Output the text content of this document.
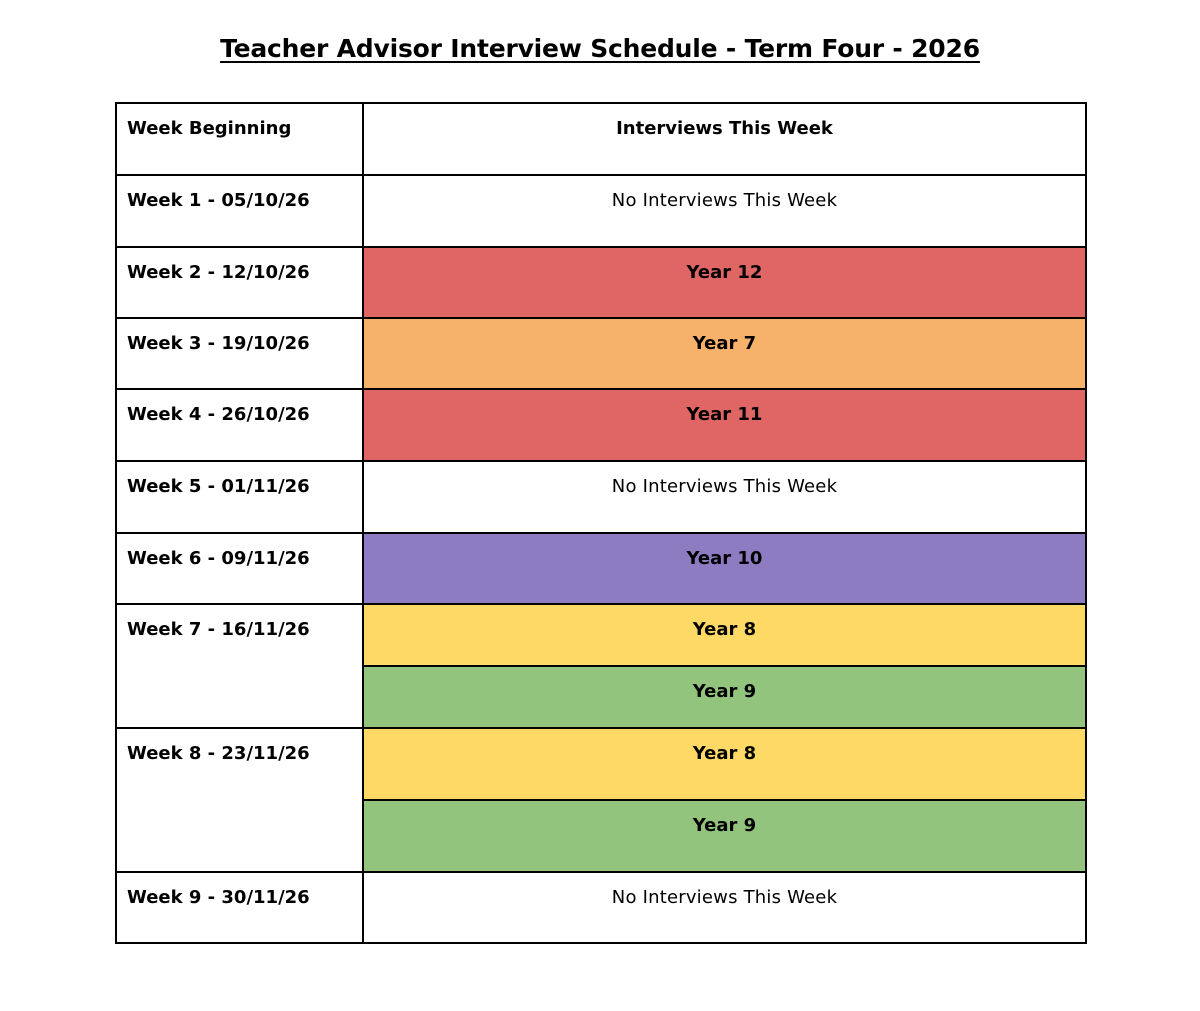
Teacher Advisor Interview Schedule - Term Four - 2026
Week Beginning	Interviews This Week
Week 1 - 05/10/26	No Interviews This Week
Week 2 - 12/10/26	Year 12
Week 3 - 19/10/26	Year 7
Week 4 - 26/10/26	Year 11
Week 5 - 01/11/26	No Interviews This Week
Week 6 - 09/11/26	Year 10
Week 7 - 16/11/26	Year 8
	Year 9
Week 8 - 23/11/26	Year 8
	Year 9
Week 9 - 30/11/26	No Interviews This Week
